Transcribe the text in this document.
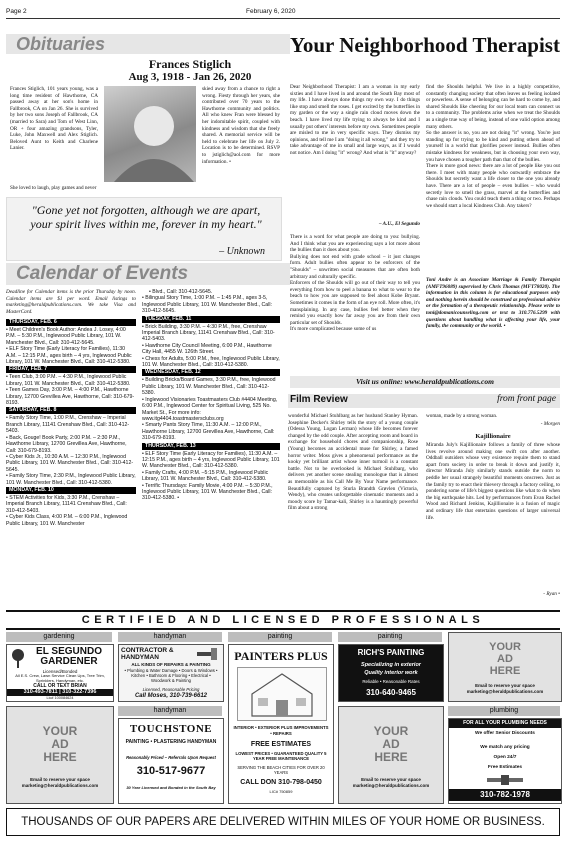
Page 2	February 6, 2020
Obituaries
Frances Stiglich
Aug 3, 1918 - Jan 26, 2020
Frances Stiglich, 101 years young, was a long time resident of Hawthorne, CA passed away at her son's home in Fallbrook, CA on Jan 26. She is survived by her two sons Joseph of Fallbrook, CA (married to Sara) and Tom of West Linn, OR + four amazing grandsons, Tyler, Luke, John Maxwell and Alex Stiglich. Beloved Aunt to Keith and Charlene Lanier.
She loved to laugh, play games and never
skied away from a chance to right a wrong. Fiesty through her years, she contributed over 70 years to the Hawthorne community and politics. All who knew Fran were blessed by her indomitable spirit, coupled with kindness and wisdom that she freely shared. A memorial service will be held to celebrate her life on July 2. Location is to be determined. RSVP to jstiglich@aol.com for more information. •
"Gone yet not forgotten, although we are apart, your spirit lives within me, forever in my heart."
– Unknown
Calendar of Events
Deadline for Calendar items is the prior Thursday by noon. Calendar items are $1 per word. Email listings to marketing@heraldpublications.com. We take Visa and MasterCard.
THURSDAY, FEB. 6

• Meet Children's Book Author: Andea J. Losey, 4:00 P.M. – 5:30 P.M., Inglewood Public Library, 101 W. Manchester Blvd., Call: 310-412-5645.

• ELF Story Time (Early Literacy for Families), 11:30 A.M. – 12:15 P.M., ages birth – 4 yrs, Inglewood Public Library, 101 W. Manchester Blvd., Call: 310-412-5380.

FRIDAY, FEB. 7

• Teen Club, 3:00 P.M. – 4:30 P.M., Inglewood Public Library, 101 W. Manchester Blvd., Call: 310-412-5380.

• Teen Games Day, 3:00 P.M. – 4:00 P.M., Hawthorne Library, 12700 Grevillea Ave, Hawthorne, Call: 310-679-8193.

SATURDAY, FEB. 8

• Family Story Time, 1:00 P.M., Crenshaw – Imperial Branch Library, 11141 Crenshaw Blvd., Call: 310-412-5403.

• Back, Gouge! Book Party, 2:00 P.M. – 2:30 P.M., Hawthorne Library, 12700 Grevillea Ave, Hawthorne, Call: 310-679-8193.

• Cyber Kids Jr., 10:30 A.M. – 12:30 P.M., Inglewood Public Library, 101 W. Manchester Blvd., Call: 310-412-5645.

• Family Story Time, 2:30 P.M., Inglewood Public Library, 101 W. Manchester Blvd., Call: 310-412-5380.

MONDAY, FEB. 10

• STEM Activities for Kids, 3:30 P.M., Crenshaw – Imperial Branch Library, 11141 Crenshaw Blvd., Call: 310-412-5403.

• Cyber Kids Class, 4:00 P.M. – 6:00 P.M., Inglewood Public Library, 101 W. Manchester

• Blvd., Call: 310-412-5645.

• Bilingual Story Time, 1:00 P.M. – 1:45 P.M., ages 3-5, Inglewood Public Library, 101 W. Manchester Blvd., Call: 310-412-5645.

TUESDAY, FEB. 11

• Brick Building, 3:30 P.M. – 4:30 P.M., free, Crenshaw Imperial Branch Library, 11141 Crenshaw Blvd., Call: 310-412-5403.

• Hawthorne City Council Meeting, 6:00 P.M., Hawthorne City Hall, 4455 W. 126th Street.

• Chess for Adults, 5:00 P.M., free, Inglewood Public Library, 101 W. Manchester Blvd., Call: 310-412-5380.

WEDNESDAY, FEB. 12

• Building Bricks/Board Games, 3:30 P.M., free, Inglewood Public Library, 101 W. Manchester Blvd., Call: 310-412-5380.

• Inglewood Visionaries Toastmasters Club #4404 Meeting, 6:00 P.M., Inglewood Center for Spiritual Living, 525 No. Market St., For more info: www.itg4404.toastmastersclubs.org

• Smarty Pants Story Time, 11:30 A.M. – 12:00 P.M., Hawthorne Library, 12700 Grevillea Ave, Hawthorne, Call: 310-679-8193.

THURSDAY, FEB. 13

• ELF Story Time (Early Literacy for Families), 11:30 A.M. – 12:15 P.M., ages birth – 4 yrs, Inglewood Public Library, 101 W. Manchester Blvd., Call: 310-412-5380.

• Family Crafts, 4:00 P.M. –5:15 P.M., Inglewood Public Library, 101 W. Manchester Blvd., Call: 310-412-5380.

• Terrific Thursdays: Family Movie, 4:00 P.M. – 5:30 P.M., Inglewood Public Library, 101 W. Manchester Blvd., Call: 310-412-5380. •

Your Neighborhood Therapist
Dear Neighborhood Therapist: I am a woman in my early sixties and I have lived in and around the South Bay most of my life. I have always done things my own way. I do things like stop and smell the roses. I get excited by the butterflies in my garden or the way a single rain cloud moves down the beach. I have lived my life trying to always be kind and I usually put others' interests before my own. Sometimes people are misled to me in very specific ways. They dismiss my opinions, and tell me I am "doing it all wrong," and they try to take advantage of me in small and large ways, as if I would not notice. Am I doing "it" wrong? And what is "it" anyway?
– A.U., El Segundo
There is a word for what people are doing to you: bullying. And I think what you are experiencing says a lot more about the bullies than it does about you.
Bullying does not end with grade school – it just changes form. Adult bullies often appear to be enforcers of the "Shoulds" – unwritten social measures that are often both arbitrary and culturally specific.
Enforcers of the Shoulds will go out of their way to tell you everything from how to peel a banana to what to wear to the beach to how you are supposed to feel about Kobe Bryant. Sometimes it comes in the form of an eye roll. More often, it's mansplaining. In any case, bullies feel better when they remind you exactly how far away you are from their own particular set of Shoulds.
It's more complicated because some of us
find the Shoulds helpful. We live in a highly competitive, constantly changing society that often leaves us feeling isolated or powerless. A sense of belonging can be hard to come by, and shared Shoulds like cheering for our local team can connect us to a community. The problems arise when we treat the Shoulds as a single true way of being, instead of one valid option among many others.
So the answer is no, you are not doing "it" wrong. You're just standing up for trying to be kind and putting others ahead of yourself in a world that glorifies power instead. Bullies often mistake kindness for weakness, but in choosing your own way, you have chosen a tougher path than that of the bullies.
There is more good news: there are a lot of people like you out there. I meet with many people who outwardly embrace the Shoulds but secretly want a life closer to the one you already have. There are a lot of people – even bullies – who would secretly love to smell the grass, marvel at the butterflies and chase rain clouds. You could teach them a thing or two. Perhaps we should start a local Kindness Club. Any takers?
Toni Andre is an Associate Marriage & Family Therapist (AMFT96089) supervised by Chris Thomas (MFT78020). The information in this column is for educational purposes only and nothing herein should be construed as professional advice or the formation of a therapeutic relationship. Please write to toni@domanicounseling.com or text to 310.776.5299 with questions about handling what is affecting your life, your family, the community or the world. •
Visit us online: www.heraldpublications.com
Film Review	from front page
wonderful Michael Stuhlbarg as her husband Stanley Hyman. Josephine Decker's Shirley tells the story of a young couple (Odessa Young, Logan Lerman) whose life becomes forever changed by the odd couple. After accepting room and board in exchange for household chores and companionship, Rose (Young) becomes an accidental muse for Shirley, a famed horror writer. Moss gives a phenomenal performance as the kooky yet brilliant artist whose inner turmoil is a constant battle. Not to be overlooked is Michael Stuhlbarg, who delivers yet another scene stealing monologue that is almost as memorable as his Call Me By Your Name performance. Beautifully captured by Sturla Brandth Grøvlen (Victoria, Wendy), who creates unforgettable cinematic moments and a moody score by Tamar-kali, Shirley is a hauntingly powerful film about a strong
woman, made by a strong woman.
- Morgen
Kajillionaire
Miranda July's Kajillionaire follows a family of three whose lives revolve around making one swift con after another. Oddball outsiders whose very existence require them to stand apart from society in order to break it down and justify it, director Miranda July similarly stands outside the norm to peddle her usual strangely beautiful moments onscreen. Just as the family try to enact their thievery through a factory ceiling, to pondering some of life's biggest questions like what to do when the big earthquake hits. Led by performances from Evan Rachel Wood and Richard Jenkins, Kajillionaire is a fusion of magic and ordinary life that entertains questions of larger universal life.
- Ryan •
CERTIFIED AND LICENSED PROFESSIONALS
gardening	handyman	painting	painting
EL SEGUNDO
GARDENER
Licensed/Bonded
All E.S. Crew, Lawn Service Clean Ups, Tree Trim, Sprinklers, Handyman, etc.
CALL OR TEXT BRIAN
310-493-7811 | 310-322-7396
Lic# 100084624
CONTRACTOR & HANDYMAN
ALL KINDS OF REPAIRS & PAINTING
• Plumbing & Water Damage • Doors & Windows • Kitchen • Bathroom & Flooring • Electrical • Woodwork & Painting
Licensed, Reasonable Pricing
Call Moses, 310-739-6612
PAINTERS PLUS
INTERIOR • EXTERIOR PLUS IMPROVEMENTS • REPAIRS
FREE ESTIMATES
LOWEST PRICES • GUARANTEED QUALITY 5 YEAR FREE MAINTENANCE
SERVING THE BEACH CITIES FOR OVER 20 YEARS
CALL DON 310-798-0450
LIC# 750859
RICH'S PAINTING
Specializing in exterior
Quality interior work
Reliable • Reasonable Rates
310-640-9465
YOUR
AD
HERE
Email to reserve your space marketing@heraldpublications.com
handyman	plumbing
YOUR
AD
HERE
Email to reserve your space marketing@heraldpublications.com
TOUCHSTONE
PAINTING • PLASTERING HANDYMAN
Reasonably Priced – Referrals Upon Request
310-517-9677
30 Year Licensed and Bonded in the South Bay
YOUR
AD
HERE
Email to reserve your space marketing@heraldpublications.com
FOR ALL YOUR PLUMBING NEEDS
We offer Senior Discounts
We match any pricing
Open 24/7
Free Estimates
310-782-1978
THOUSANDS OF OUR PAPERS ARE DELIVERED WITHIN MILES OF YOUR HOME OR BUSINESS.
